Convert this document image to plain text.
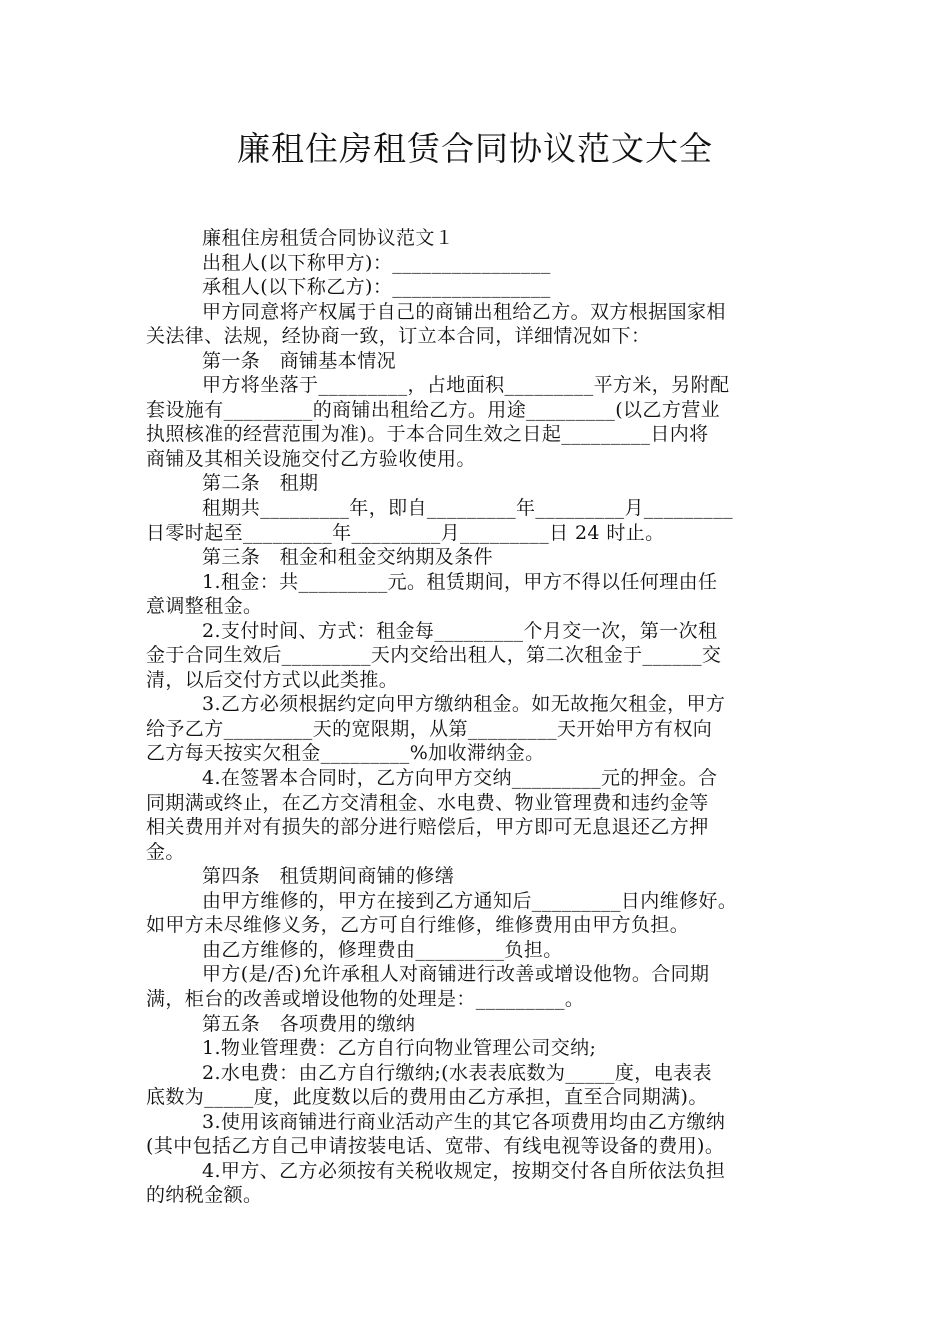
廉租住房租赁合同协议范文大全
廉租住房租赁合同协议范文１
出租人(以下称甲方)：________________
承租人(以下称乙方)：________________
甲方同意将产权属于自己的商铺出租给乙方。双方根据国家相
关法律、法规，经协商一致，订立本合同，详细情况如下：
第一条　商铺基本情况
甲方将坐落于_________，占地面积_________平方米，另附配
套设施有_________的商铺出租给乙方。用途_________(以乙方营业
执照核准的经营范围为准)。于本合同生效之日起_________日内将
商铺及其相关设施交付乙方验收使用。
第二条　租期
租期共_________年，即自_________年_________月_________
日零时起至_________年_________月_________日 24 时止。
第三条　租金和租金交纳期及条件
1.租金：共_________元。租赁期间，甲方不得以任何理由任
意调整租金。
2.支付时间、方式：租金每_________个月交一次，第一次租
金于合同生效后_________天内交给出租人，第二次租金于______交
清，以后交付方式以此类推。
3.乙方必须根据约定向甲方缴纳租金。如无故拖欠租金，甲方
给予乙方_________天的宽限期，从第_________天开始甲方有权向
乙方每天按实欠租金_________%加收滞纳金。
4.在签署本合同时，乙方向甲方交纳_________元的押金。合
同期满或终止，在乙方交清租金、水电费、物业管理费和违约金等
相关费用并对有损失的部分进行赔偿后，甲方即可无息退还乙方押
金。
第四条　租赁期间商铺的修缮
由甲方维修的，甲方在接到乙方通知后_________日内维修好。
如甲方未尽维修义务，乙方可自行维修，维修费用由甲方负担。
由乙方维修的，修理费由_________负担。
甲方(是/否)允许承租人对商铺进行改善或增设他物。合同期
满，柜台的改善或增设他物的处理是：_________。
第五条　各项费用的缴纳
1.物业管理费：乙方自行向物业管理公司交纳;
2.水电费：由乙方自行缴纳;(水表表底数为_____度，电表表
底数为_____度，此度数以后的费用由乙方承担，直至合同期满)。
3.使用该商铺进行商业活动产生的其它各项费用均由乙方缴纳
(其中包括乙方自己申请按装电话、宽带、有线电视等设备的费用)。
4.甲方、乙方必须按有关税收规定，按期交付各自所依法负担
的纳税金额。
